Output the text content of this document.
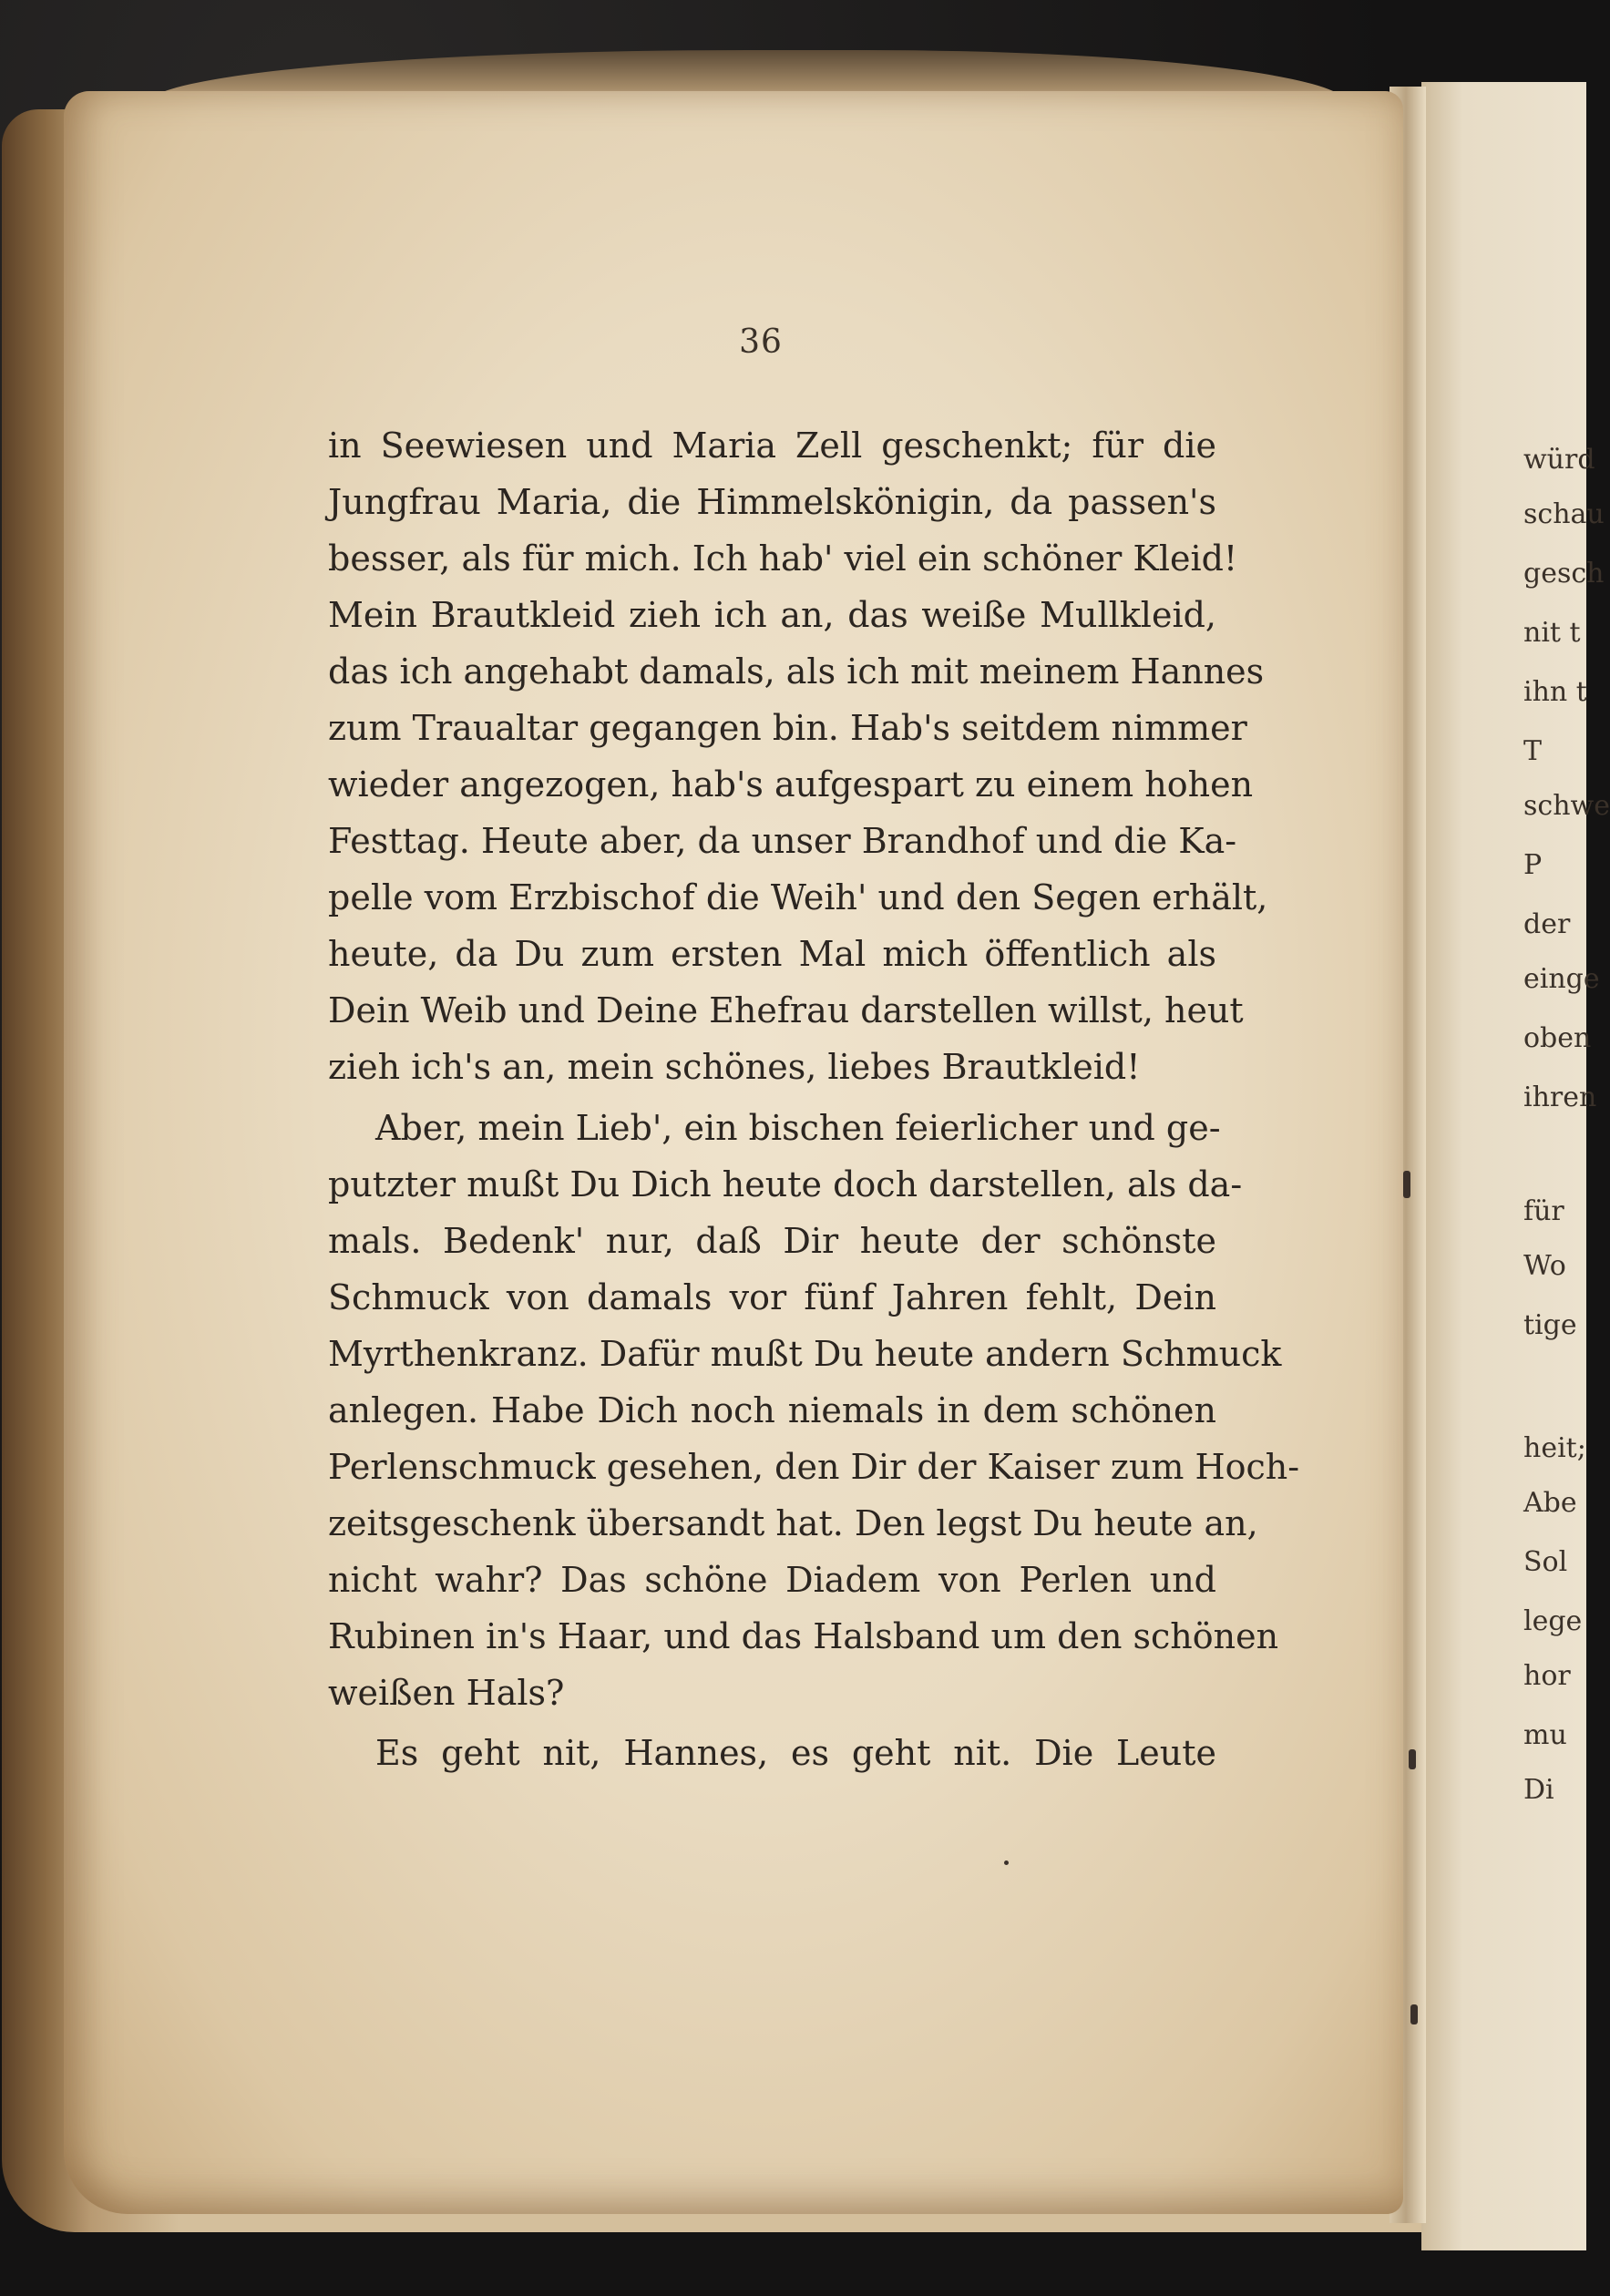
36
in Seewiesen und Maria Zell geschenkt; für die
Jungfrau Maria, die Himmelskönigin, da passen's
besser, als für mich. Ich hab' viel ein schöner Kleid!
Mein Brautkleid zieh ich an, das weiße Mullkleid,
das ich angehabt damals, als ich mit meinem Hannes
zum Traualtar gegangen bin. Hab's seitdem nimmer
wieder angezogen, hab's aufgespart zu einem hohen
Festtag. Heute aber, da unser Brandhof und die Ka-
pelle vom Erzbischof die Weih' und den Segen erhält,
heute, da Du zum ersten Mal mich öffentlich als
Dein Weib und Deine Ehefrau darstellen willst, heut
zieh ich's an, mein schönes, liebes Brautkleid!
Aber, mein Lieb', ein bischen feierlicher und ge-
putzter mußt Du Dich heute doch darstellen, als da-
mals. Bedenk' nur, daß Dir heute der schönste
Schmuck von damals vor fünf Jahren fehlt, Dein
Myrthenkranz. Dafür mußt Du heute andern Schmuck
anlegen. Habe Dich noch niemals in dem schönen
Perlenschmuck gesehen, den Dir der Kaiser zum Hoch-
zeitsgeschenk übersandt hat. Den legst Du heute an,
nicht wahr? Das schöne Diadem von Perlen und
Rubinen in's Haar, und das Halsband um den schönen
weißen Hals?
Es geht nit, Hannes, es geht nit. Die Leute
würd
schau
gesch
nit t
ihn t
T
schwe
P
der
einge
oben
ihren
für
Wo
tige
heit;
Abe
Sol
lege
hor
mu
Di
